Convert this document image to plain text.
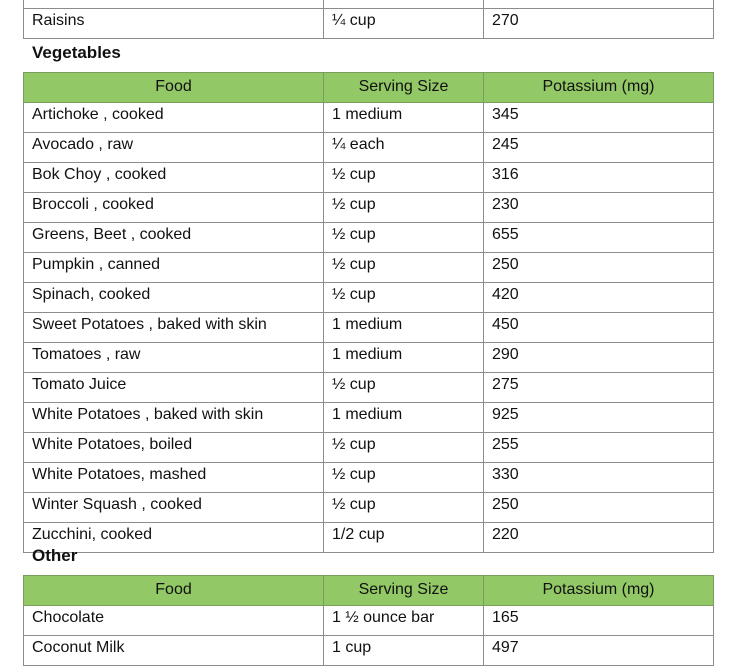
Raisins	¼ cup	270
Vegetables
Food	Serving Size	Potassium (mg)
Artichoke , cooked	1 medium	345
Avocado , raw	¼ each	245
Bok Choy , cooked	½ cup	316
Broccoli , cooked	½ cup	230
Greens, Beet , cooked	½ cup	655
Pumpkin , canned	½ cup	250
Spinach, cooked	½ cup	420
Sweet Potatoes , baked with skin	1 medium	450
Tomatoes , raw	1 medium	290
Tomato Juice	½ cup	275
White Potatoes , baked with skin	1 medium	925
White Potatoes, boiled	½ cup	255
White Potatoes, mashed	½ cup	330
Winter Squash , cooked	½ cup	250
Zucchini, cooked	1/2 cup	220
Other
Food	Serving Size	Potassium (mg)
Chocolate	1 ½ ounce bar	165
Coconut Milk	1 cup	497
